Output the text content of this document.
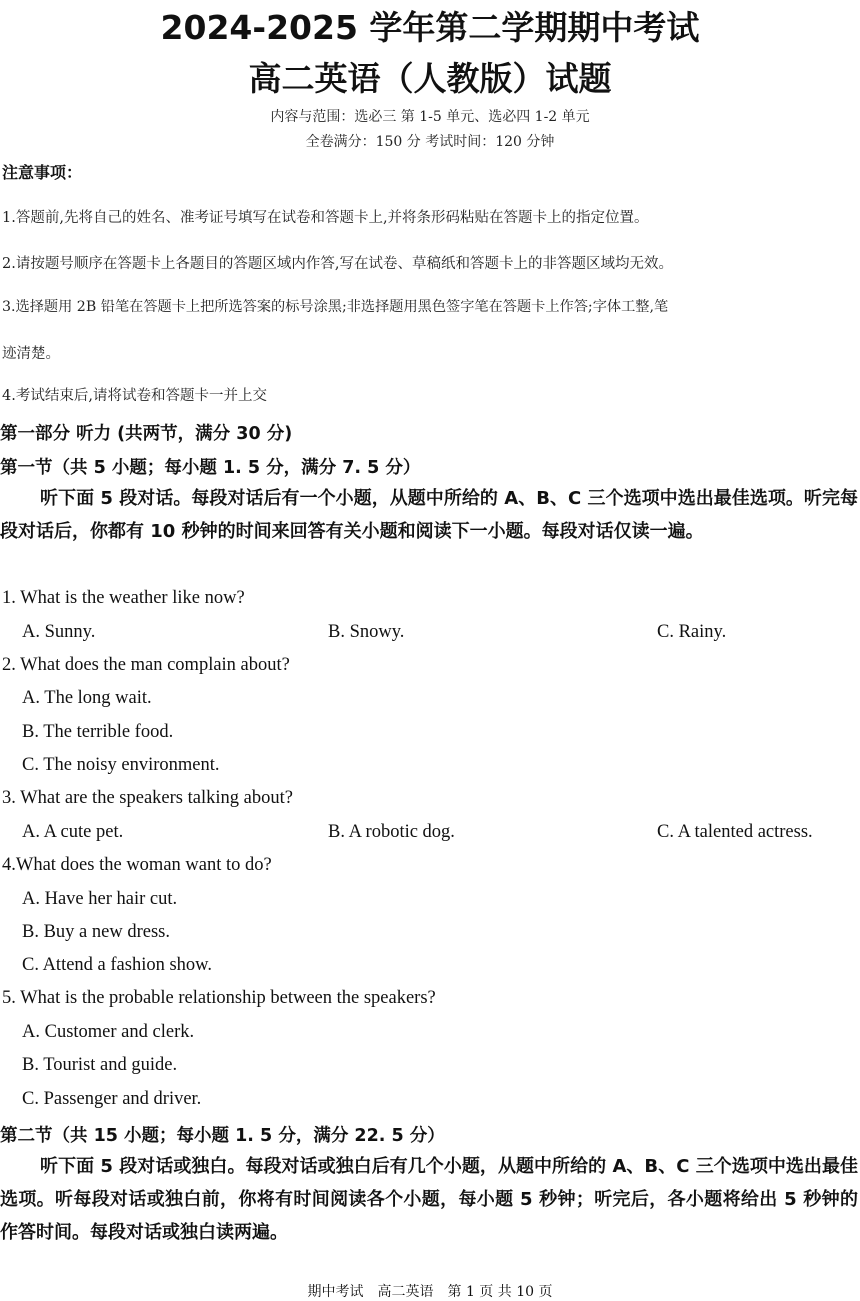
2024-2025 学年第二学期期中考试
高二英语（人教版）试题
内容与范围：选必三 第 1-5 单元、选必四 1-2 单元
全卷满分：150 分 考试时间：120 分钟
注意事项：
1.答题前,先将自己的姓名、准考证号填写在试卷和答题卡上,并将条形码粘贴在答题卡上的指定位置。
2.请按题号顺序在答题卡上各题目的答题区域内作答,写在试卷、草稿纸和答题卡上的非答题区域均无效。
3.选择题用 2B 铅笔在答题卡上把所选答案的标号涂黑;非选择题用黑色签字笔在答题卡上作答;字体工整,笔
迹清楚。
4.考试结束后,请将试卷和答题卡一并上交
第一部分 听力 (共两节，满分 30 分)
第一节（共 5 小题；每小题 1. 5 分，满分 7. 5 分）
听下面 5 段对话。每段对话后有一个小题，从题中所给的 A、B、C 三个选项中选出最佳选项。听完每段对话后，你都有 10 秒钟的时间来回答有关小题和阅读下一小题。每段对话仅读一遍。
1. What is the weather like now?
A. Sunny.	B. Snowy.	C. Rainy.
2. What does the man complain about?
A. The long wait.
B. The terrible food.
C. The noisy environment.
3. What are the speakers talking about?
A. A cute pet.	B. A robotic dog.	C. A talented actress.
4.What does the woman want to do?
A. Have her hair cut.
B. Buy a new dress.
C. Attend a fashion show.
5. What is the probable relationship between the speakers?
A. Customer and clerk.
B. Tourist and guide.
C. Passenger and driver.
第二节（共 15 小题；每小题 1. 5 分，满分 22. 5 分）
听下面 5 段对话或独白。每段对话或独白后有几个小题，从题中所给的 A、B、C 三个选项中选出最佳选项。听每段对话或独白前，你将有时间阅读各个小题，每小题 5 秒钟；听完后，各小题将给出 5 秒钟的作答时间。每段对话或独白读两遍。
期中考试　高二英语　第 1 页 共 10 页
